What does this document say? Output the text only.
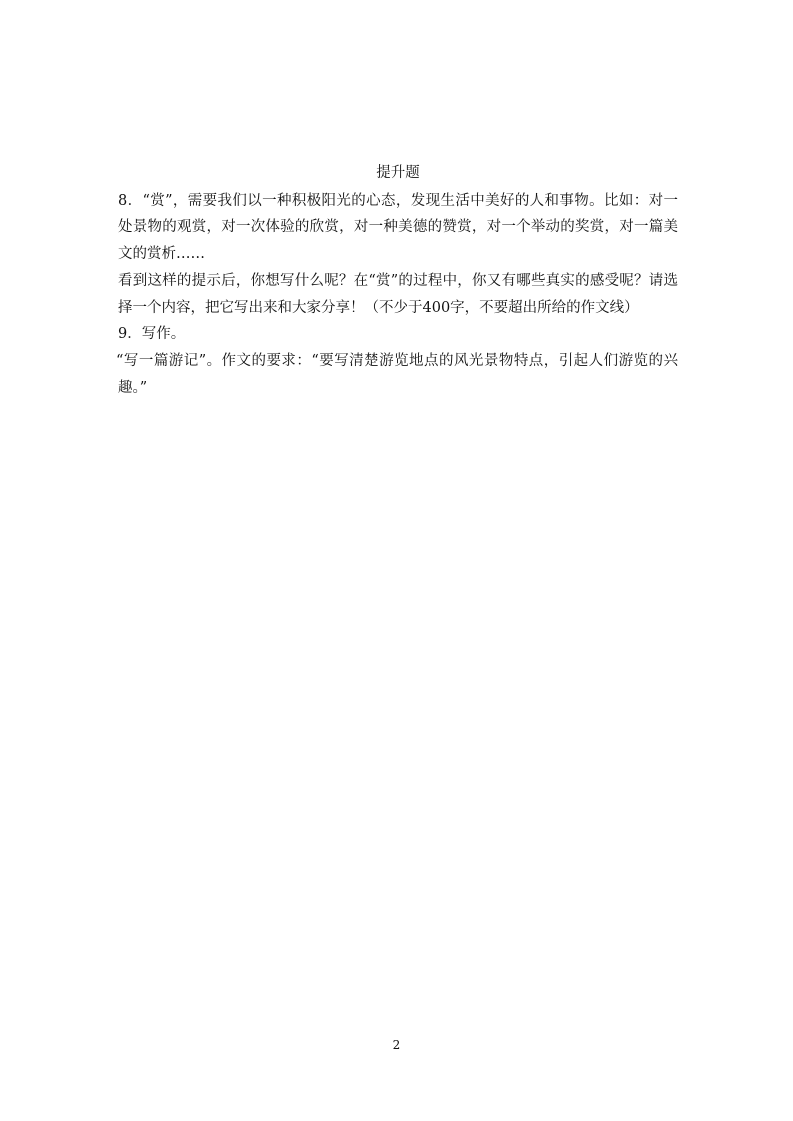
提升题

8．“赏”，需要我们以一种积极阳光的心态，发现生活中美好的人和事物。比如：对一处景物的观赏，对一次体验的欣赏，对一种美德的赞赏，对一个举动的奖赏，对一篇美文的赏析……

看到这样的提示后，你想写什么呢？在“赏”的过程中，你又有哪些真实的感受呢？请选择一个内容，把它写出来和大家分享！（不少于400字，不要超出所给的作文线）

9．写作。

“写一篇游记”。作文的要求：“要写清楚游览地点的风光景物特点，引起人们游览的兴趣。”

2
